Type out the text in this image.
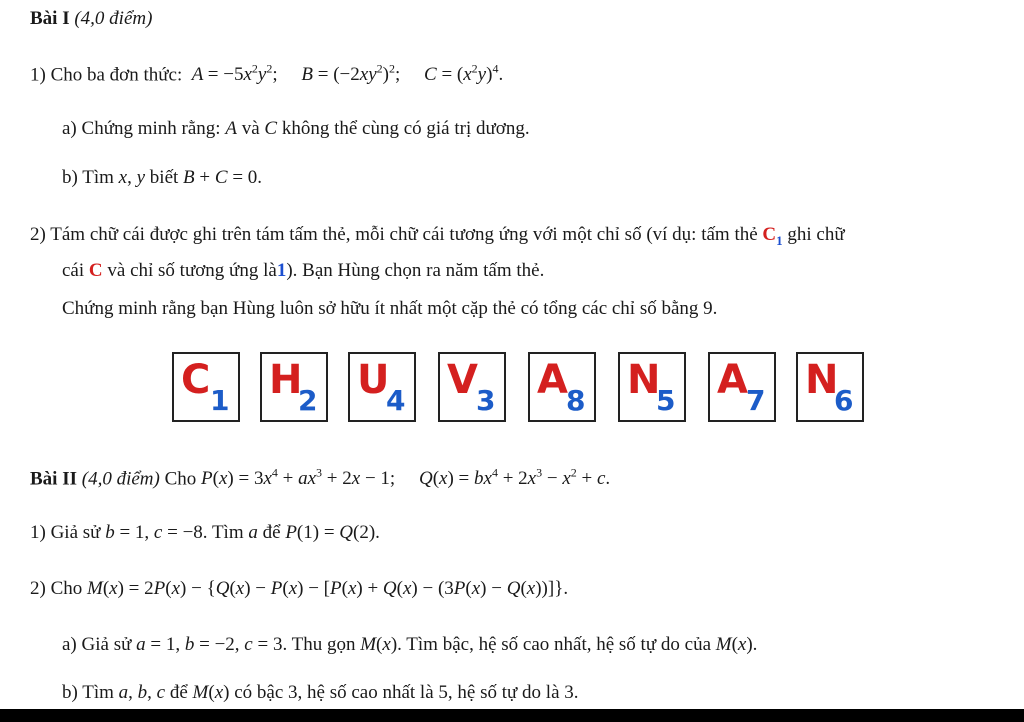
Bài I (4,0 điểm)
1) Cho ba đơn thức:  $A = -5x^2y^2$;     $B = (-2xy^2)^2$;     $C = (x^2y)^4$.
a) Chứng minh rằng: A và C không thể cùng có giá trị dương.
b) Tìm x, y biết B + C = 0.
2) Tám chữ cái được ghi trên tám tấm thẻ, mỗi chữ cái tương ứng với một chỉ số (ví dụ: tấm thẻ $C_1$ ghi chữ
cái C và chỉ số tương ứng là1). Bạn Hùng chọn ra năm tấm thẻ.
Chứng minh rằng bạn Hùng luôn sở hữu ít nhất một cặp thẻ có tổng các chỉ số bằng 9.
C 1 H
2 U
4 V
3 A
8 N
5 A
7 N
6
Bài II (4,0 điểm) Cho $P(x) = 3x^4 + ax^3 + 2x - 1$;     $Q(x) = bx^4 + 2x^3 - x^2 + c$.
1) Giả sử b = 1, c = −8. Tìm a để P(1) = Q(2).
2) Cho M(x) = 2P(x) − {Q(x) − P(x) − [P(x) + Q(x) − (3P(x) − Q(x))]}.
a) Giả sử a = 1, b = −2, c = 3. Thu gọn M(x). Tìm bậc, hệ số cao nhất, hệ số tự do của M(x).
b) Tìm a, b, c để M(x) có bậc 3, hệ số cao nhất là 5, hệ số tự do là 3.
